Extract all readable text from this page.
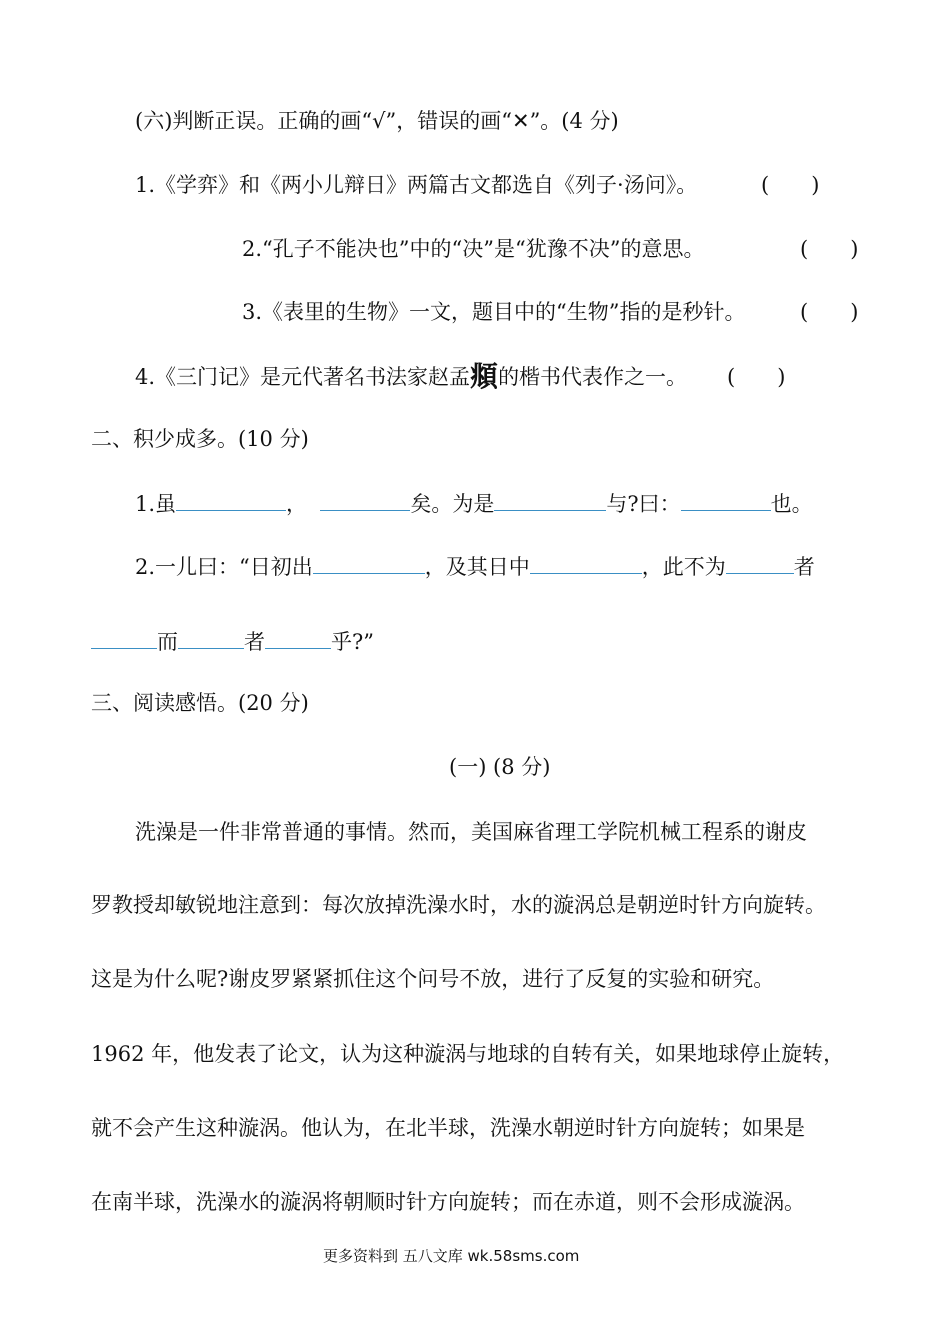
(六)判断正误。正确的画“√”，错误的画“✕”。(4 分)
1.《学弈》和《两小儿辩日》两篇古文都选自《列子·汤问》。	(　　)
2.“孔子不能决也”中的“决”是“犹豫不决”的意思。	(　　)
3.《表里的生物》一文，题目中的“生物”指的是秒针。	(　　)
4.《三门记》是元代著名书法家赵孟頫的楷书代表作之一。 (　　)
二、积少成多。(10 分)
1.虽	，	矣。为是	与?曰：	也。
2.一儿曰：“日初出	，及其日中	，此不为	者
而	者	乎?”
三、阅读感悟。(20 分)
(一) (8 分)
洗澡是一件非常普通的事情。然而，美国麻省理工学院机械工程系的谢皮
罗教授却敏锐地注意到：每次放掉洗澡水时，水的漩涡总是朝逆时针方向旋转。
这是为什么呢?谢皮罗紧紧抓住这个问号不放，进行了反复的实验和研究。
1962 年，他发表了论文，认为这种漩涡与地球的自转有关，如果地球停止旋转，
就不会产生这种漩涡。他认为，在北半球，洗澡水朝逆时针方向旋转；如果是
在南半球，洗澡水的漩涡将朝顺时针方向旋转；而在赤道，则不会形成漩涡。
更多资料到 五八文库 wk.58sms.com
